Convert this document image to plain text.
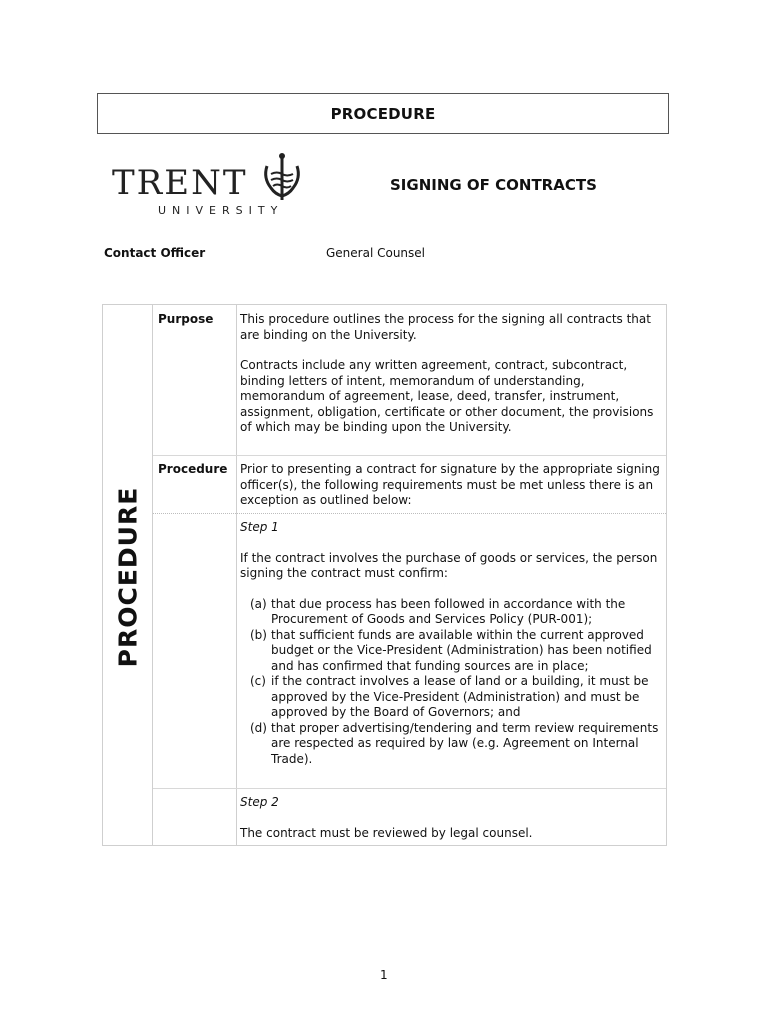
PROCEDURE
TRENT
UNIVERSITY
SIGNING OF CONTRACTS
Contact Officer	General Counsel
PROCEDURE
Purpose This procedure outlines the process for the signing all contracts that are binding on the University.

Contracts include any written agreement, contract, subcontract, binding letters of intent, memorandum of understanding, memorandum of agreement, lease, deed, transfer, instrument, assignment, obligation, certificate or other document, the provisions of which may be binding upon the University.

Procedure Prior to presenting a contract for signature by the appropriate signing officer(s), the following requirements must be met unless there is an exception as outlined below:

Step 1

If the contract involves the purchase of goods or services, the person signing the contract must confirm:

(a) that due process has been followed in accordance with the Procurement of Goods and Services Policy (PUR-001);
(b) that sufficient funds are available within the current approved budget or the Vice-President (Administration) has been notified and has confirmed that funding sources are in place;
(c) if the contract involves a lease of land or a building, it must be approved by the Vice-President (Administration) and must be approved by the Board of Governors; and
(d) that proper advertising/tendering and term review requirements are respected as required by law (e.g. Agreement on Internal Trade).

Step 2

The contract must be reviewed by legal counsel.

1
